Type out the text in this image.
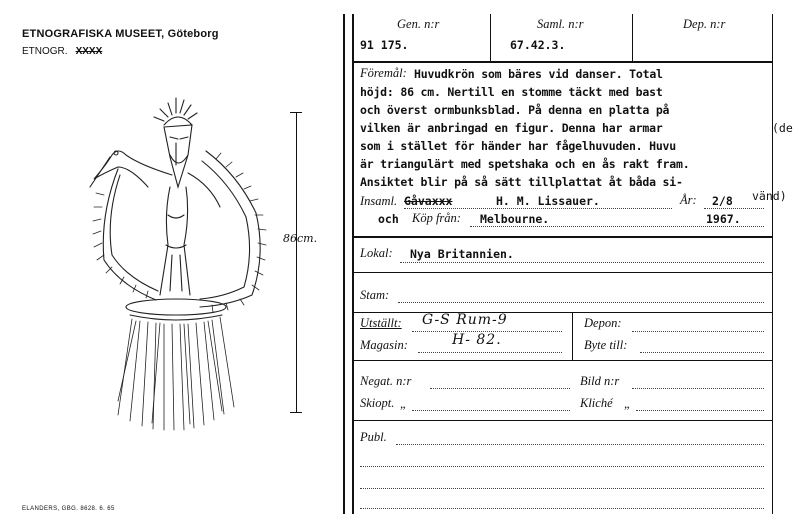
ETNOGRAFISKA MUSEET, Göteborg
ETNOGR. XXXX
86cm.
ELANDERS, GBG. 8628. 6. 65
Gen. n:r	Saml. n:r	Dep. n:r
91 175.	67.42.3.
Föremål: Huvudkrön som bäres vid danser. Total
höjd: 86 cm. Nertill en stomme täckt med bast
och överst ormbunksblad. På denna en platta på
vilken är anbringad en figur. Denna har armar
som i stället för händer har fågelhuvuden. Huvu
är triangulärt med spetshaka och en ås rakt fram.
Ansiktet blir på så sätt tillplattat åt båda si-
(de
vänd)
Insaml. Gåvaxxx	H. M. Lissauer.	År: 2/8
och Köp från: Melbourne.	1967.
Lokal: Nya Britannien.
Stam:
Utställt: G-S Rum-9	Depon:
Magasin:	H- 82.	Byte till:
Negat. n:r	Bild n:r
Skiopt. „	Kliché „
Publ.
